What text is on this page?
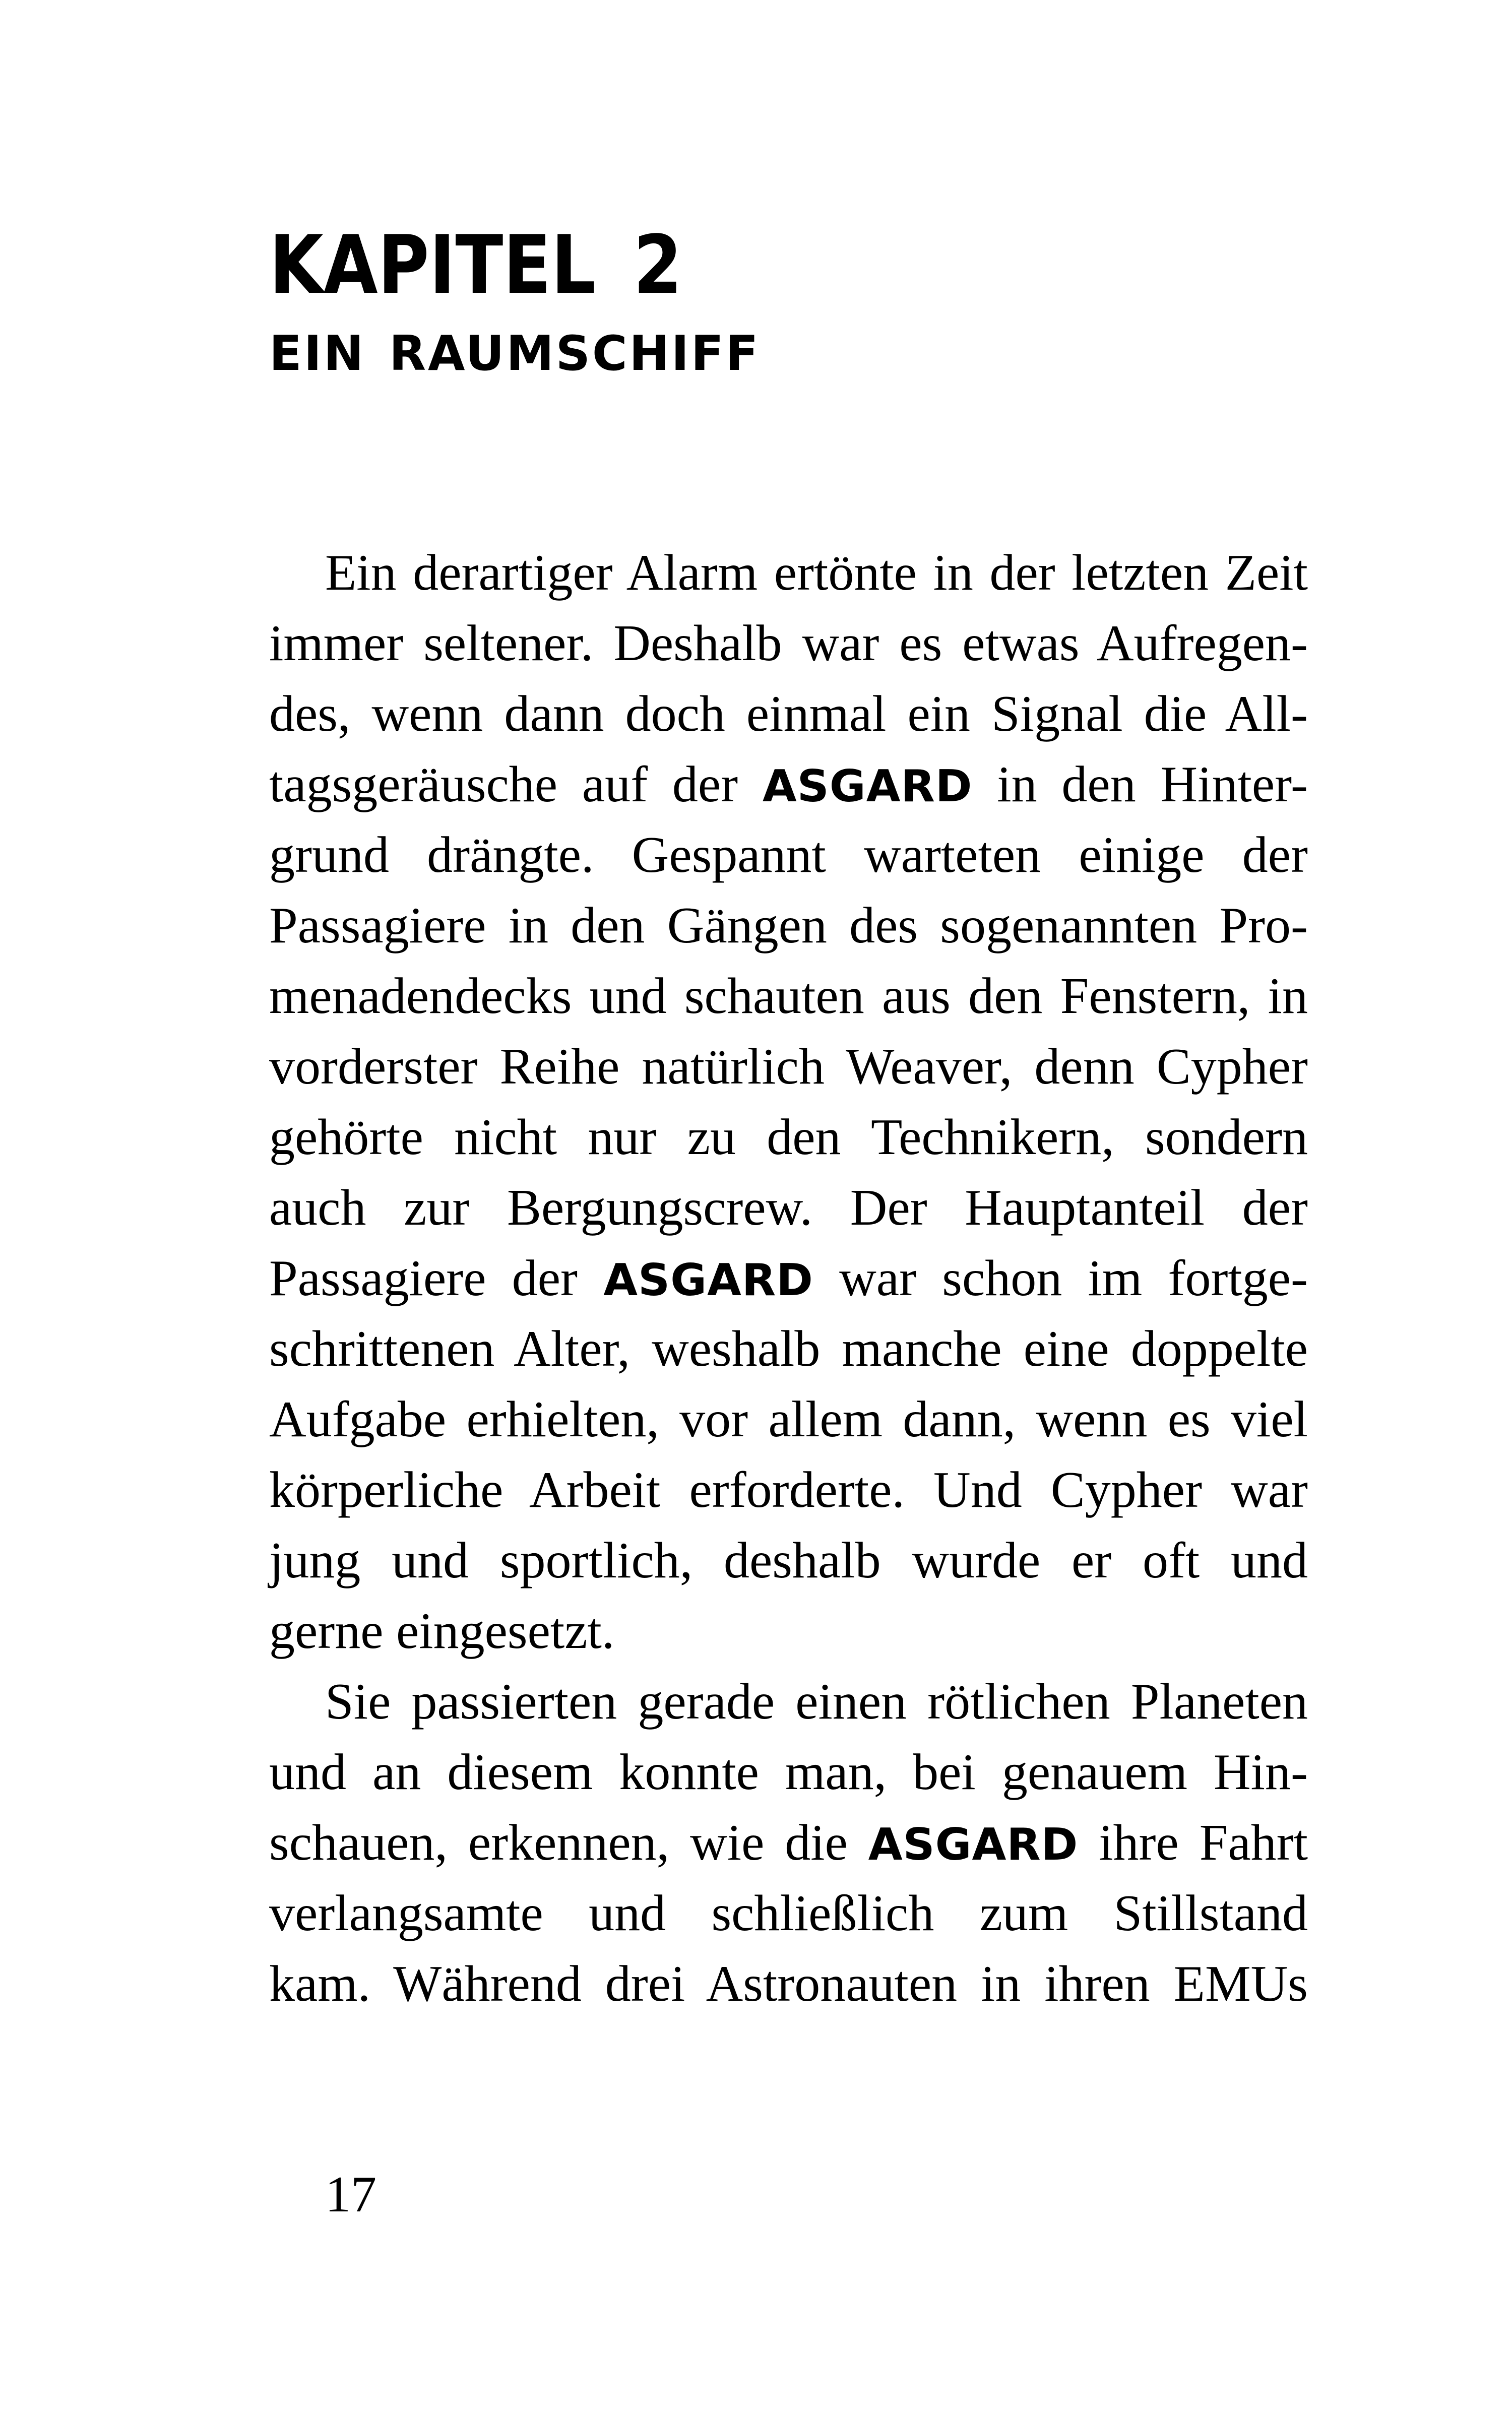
KAPITEL 2
EIN RAUMSCHIFF
Ein derartiger Alarm ertönte in der letzten Zeit
immer seltener. Deshalb war es etwas Aufregen-
des, wenn dann doch einmal ein Signal die All-
tagsgeräusche auf der ASGARD in den Hinter-
grund drängte. Gespannt warteten einige der
Passagiere in den Gängen des sogenannten Pro-
menadendecks und schauten aus den Fenstern, in
vorderster Reihe natürlich Weaver, denn Cypher
gehörte nicht nur zu den Technikern, sondern
auch zur Bergungscrew. Der Hauptanteil der
Passagiere der ASGARD war schon im fortge-
schrittenen Alter, weshalb manche eine doppelte
Aufgabe erhielten, vor allem dann, wenn es viel
körperliche Arbeit erforderte. Und Cypher war
jung und sportlich, deshalb wurde er oft und
gerne eingesetzt.
Sie passierten gerade einen rötlichen Planeten
und an diesem konnte man, bei genauem Hin-
schauen, erkennen, wie die ASGARD ihre Fahrt
verlangsamte und schließlich zum Stillstand
kam. Während drei Astronauten in ihren EMUs
17
